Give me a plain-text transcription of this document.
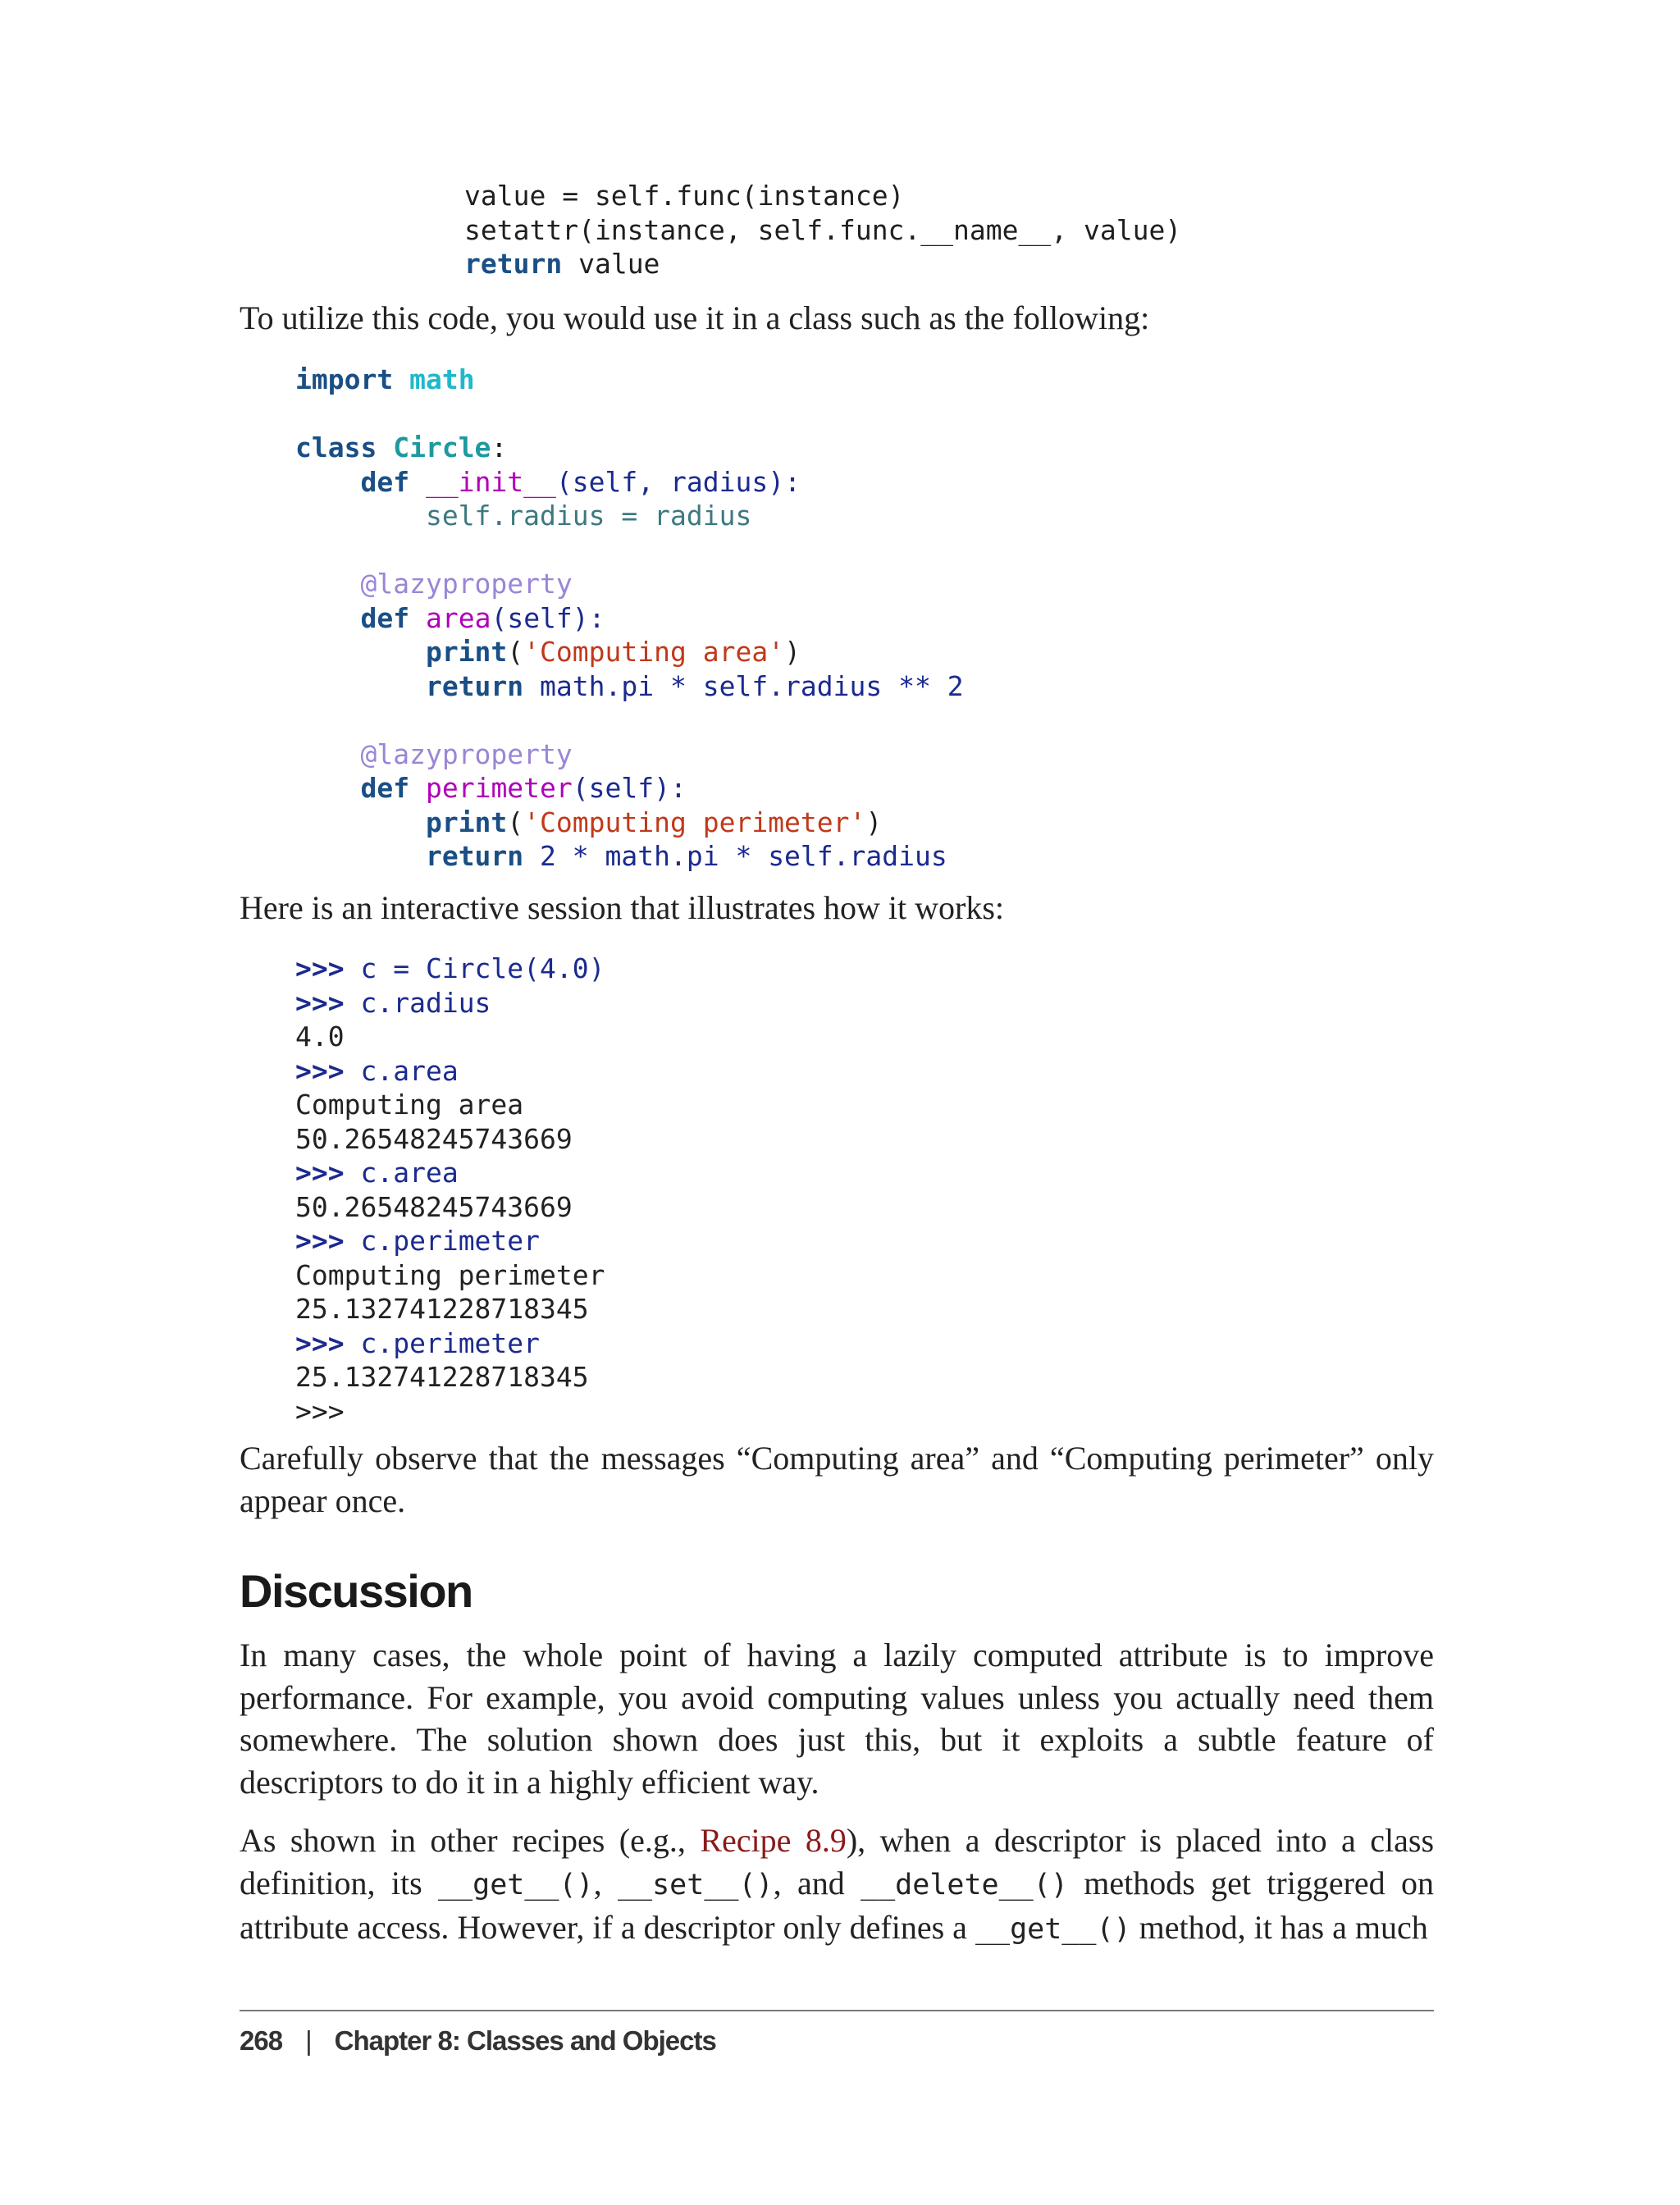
value = self.func(instance)
setattr(instance, self.func.__name__, value)
return value

To utilize this code, you would use it in a class such as the following:

import math

class Circle:
def __init__(self, radius):
self.radius = radius

@lazyproperty
def area(self):
print('Computing area')
return math.pi * self.radius ** 2

@lazyproperty
def perimeter(self):
print('Computing perimeter')
return 2 * math.pi * self.radius

Here is an interactive session that illustrates how it works:

>>> c = Circle(4.0)
>>> c.radius
4.0
>>> c.area
Computing area
50.26548245743669
>>> c.area
50.26548245743669
>>> c.perimeter
Computing perimeter
25.132741228718345
>>> c.perimeter
25.132741228718345
>>>

Carefully observe that the messages “Computing area” and “Computing perimeter” only appear once.

Discussion

In many cases, the whole point of having a lazily computed attribute is to improve performance. For example, you avoid computing values unless you actually need them somewhere. The solution shown does just this, but it exploits a subtle feature of descriptors to do it in a highly efficient way.

As shown in other recipes (e.g., Recipe 8.9), when a descriptor is placed into a class definition, its __get__(), __set__(), and __delete__() methods get triggered on attribute access. However, if a descriptor only defines a __get__() method, it has a much

268 | Chapter 8: Classes and Objects
